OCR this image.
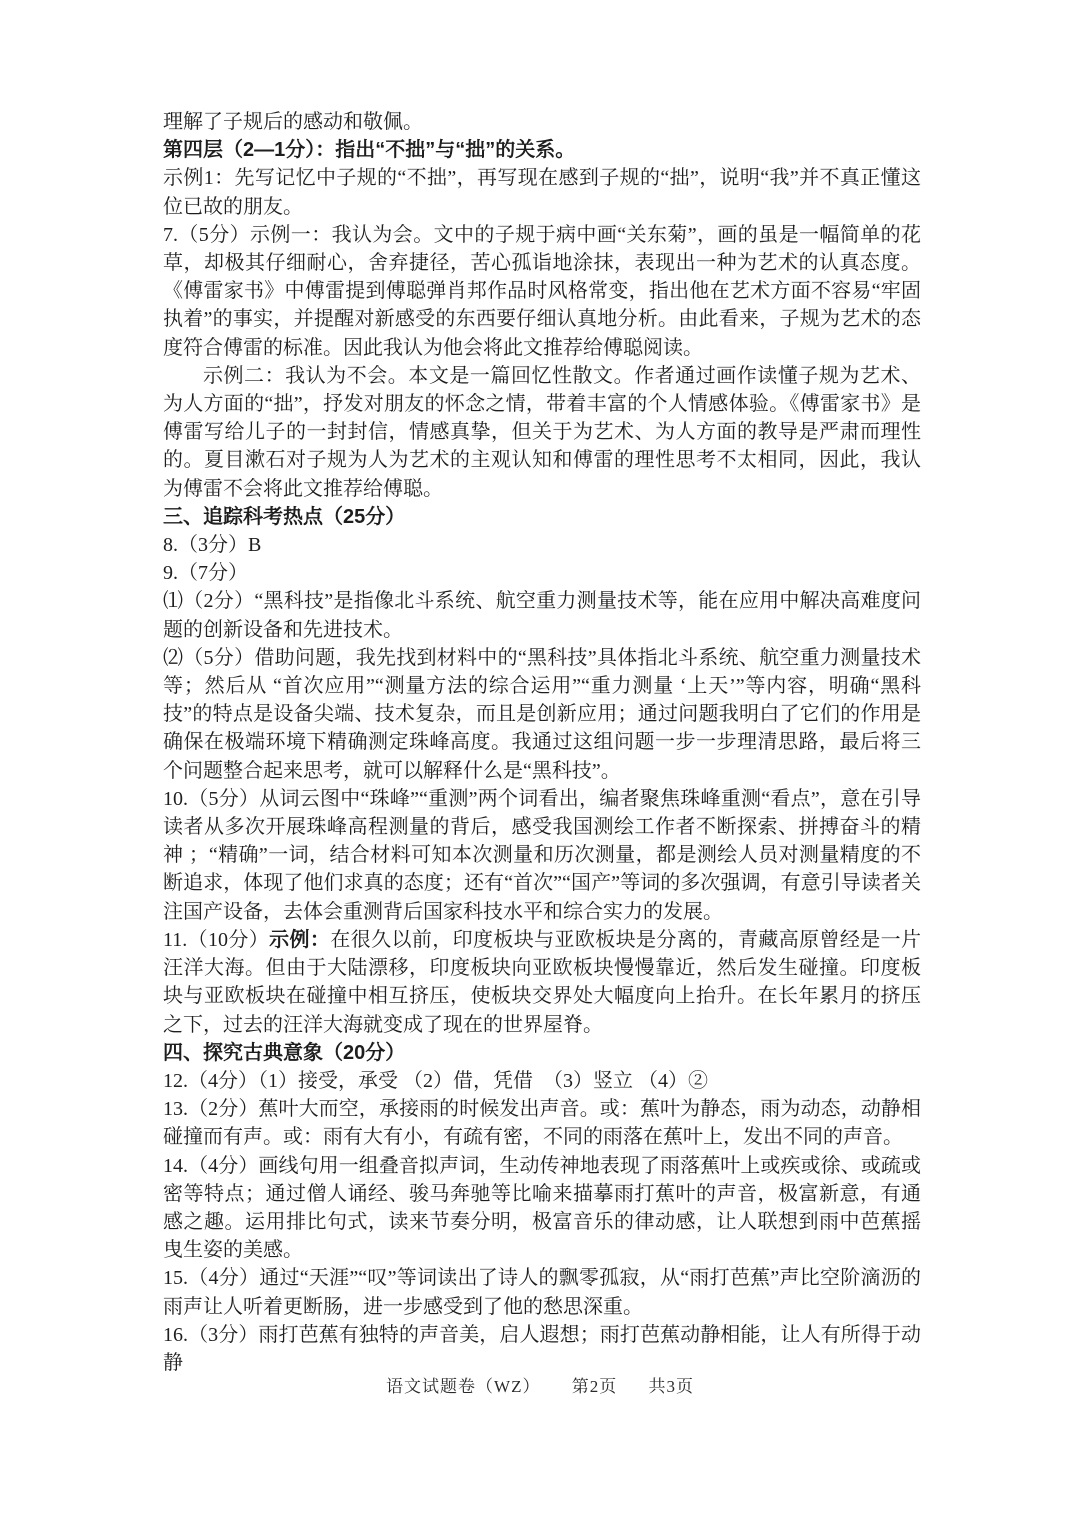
理解了子规后的感动和敬佩。

第四层（2—1分）：指出“不拙”与“拙”的关系。

示例1：先写记忆中子规的“不拙”，再写现在感到子规的“拙”，说明“我”并不真正懂这位已故的朋友。

7.（5分）示例一：我认为会。文中的子规于病中画“关东菊”，画的虽是一幅简单的花草，却极其仔细耐心，舍弃捷径，苦心孤诣地涂抹，表现出一种为艺术的认真态度。《傅雷家书》中傅雷提到傅聪弹肖邦作品时风格常变，指出他在艺术方面不容易“牢固执着”的事实，并提醒对新感受的东西要仔细认真地分析。由此看来，子规为艺术的态度符合傅雷的标准。因此我认为他会将此文推荐给傅聪阅读。

示例二：我认为不会。本文是一篇回忆性散文。作者通过画作读懂子规为艺术、为人方面的“拙”，抒发对朋友的怀念之情，带着丰富的个人情感体验。《傅雷家书》是傅雷写给儿子的一封封信，情感真挚，但关于为艺术、为人方面的教导是严肃而理性的。夏目漱石对子规为人为艺术的主观认知和傅雷的理性思考不太相同，因此，我认为傅雷不会将此文推荐给傅聪。

三、追踪科考热点（25分）

8.（3分）B

9.（7分）

⑴（2分）“黑科技”是指像北斗系统、航空重力测量技术等，能在应用中解决高难度问题的创新设备和先进技术。

⑵（5分）借助问题，我先找到材料中的“黑科技”具体指北斗系统、航空重力测量技术等；然后从 “首次应用”“测量方法的综合运用”“重力测量 ‘上天’”等内容，明确“黑科技”的特点是设备尖端、技术复杂，而且是创新应用；通过问题我明白了它们的作用是确保在极端环境下精确测定珠峰高度。我通过这组问题一步一步理清思路，最后将三个问题整合起来思考，就可以解释什么是“黑科技”。

10.（5分）从词云图中“珠峰”“重测”两个词看出，编者聚焦珠峰重测“看点”，意在引导读者从多次开展珠峰高程测量的背后，感受我国测绘工作者不断探索、拼搏奋斗的精神 ；“精确”一词，结合材料可知本次测量和历次测量，都是测绘人员对测量精度的不断追求，体现了他们求真的态度；还有“首次”“国产”等词的多次强调，有意引导读者关注国产设备，去体会重测背后国家科技水平和综合实力的发展。

11.（10分）示例：在很久以前，印度板块与亚欧板块是分离的，青藏高原曾经是一片汪洋大海。但由于大陆漂移，印度板块向亚欧板块慢慢靠近，然后发生碰撞。印度板块与亚欧板块在碰撞中相互挤压，使板块交界处大幅度向上抬升。在长年累月的挤压之下，过去的汪洋大海就变成了现在的世界屋脊。

四、探究古典意象（20分）

12.（4分）（1）接受，承受 （2）借，凭借　（3）竖立 （4）②

13.（2分）蕉叶大而空，承接雨的时候发出声音。或：蕉叶为静态，雨为动态，动静相碰撞而有声。或：雨有大有小，有疏有密，不同的雨落在蕉叶上，发出不同的声音。

14.（4分）画线句用一组叠音拟声词，生动传神地表现了雨落蕉叶上或疾或徐、或疏或密等特点；通过僧人诵经、骏马奔驰等比喻来描摹雨打蕉叶的声音，极富新意，有通感之趣。运用排比句式，读来节奏分明，极富音乐的律动感，让人联想到雨中芭蕉摇曳生姿的美感。

15.（4分）通过“天涯”“叹”等词读出了诗人的飘零孤寂，从“雨打芭蕉”声比空阶滴沥的雨声让人听着更断肠，进一步感受到了他的愁思深重。

16.（3分）雨打芭蕉有独特的声音美，启人遐想；雨打芭蕉动静相能，让人有所得于动静

语文试题卷（WZ） 第2页 共3页
